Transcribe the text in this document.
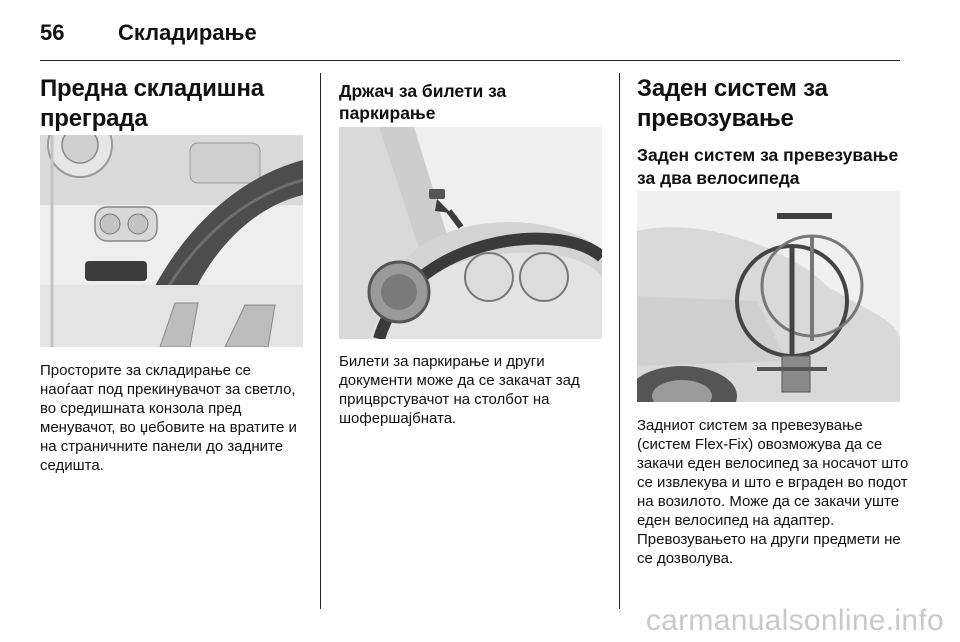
56 Складирање
Предна складишна преграда

Просторите за складирање се наоѓаат под прекинувачот за светло, во средишната конзола пред менувачот, во џебовите на вратите и на страничните панели до задните седишта.

Држач за билети за паркирање

Билети за паркирање и други документи може да се закачат зад прицврстувачот на столбот на шофершајбната.

Заден систем за превозување
Заден систем за превезување за два велосипеда

Задниот систем за превезување (систем Flex-Fix) овозможува да се закачи еден велосипед за носачот што се извлекува и што е вграден во подот на возилото. Може да се закачи уште еден велосипед на адаптер. Превозувањето на други предмети не се дозволува.

carmanualsonline.info
